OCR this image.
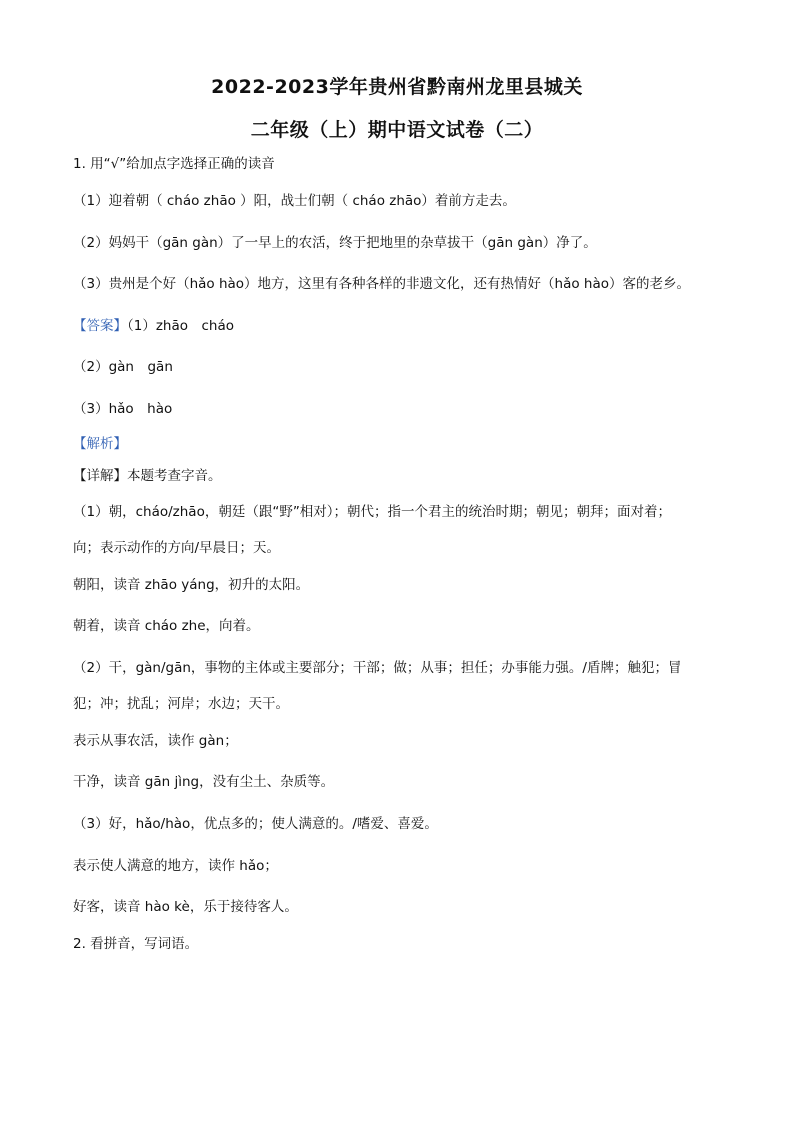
2022-2023学年贵州省黔南州龙里县城关
二年级（上）期中语文试卷（二）
1. 用“√”给加点字选择正确的读音
（1）迎着朝（ cháo zhāo ）阳，战士们朝（ cháo zhāo）着前方走去。
（2）妈妈干（gān gàn）了一早上的农活，终于把地里的杂草拔干（gān gàn）净了。
（3）贵州是个好（hǎo hào）地方，这里有各种各样的非遗文化，还有热情好（hǎo hào）客的老乡。
【答案】（1）zhāo　cháo
（2）gàn　gān
（3）hǎo　hào
【解析】
【详解】本题考查字音。
（1）朝，cháo/zhāo，朝廷（跟“野”相对）；朝代；指一个君主的统治时期；朝见；朝拜；面对着；
向；表示动作的方向/早晨日；天。
朝阳，读音 zhāo yáng，初升的太阳。
朝着，读音 cháo zhe，向着。
（2）干，gàn/gān，事物的主体或主要部分；干部；做；从事；担任；办事能力强。/盾牌；触犯；冒
犯；冲；扰乱；河岸；水边；天干。
表示从事农活，读作 gàn；
干净，读音 gān jìng，没有尘土、杂质等。
（3）好，hǎo/hào，优点多的；使人满意的。/嗜爱、喜爱。
表示使人满意的地方，读作 hǎo；
好客，读音 hào kè，乐于接待客人。
2. 看拼音，写词语。
